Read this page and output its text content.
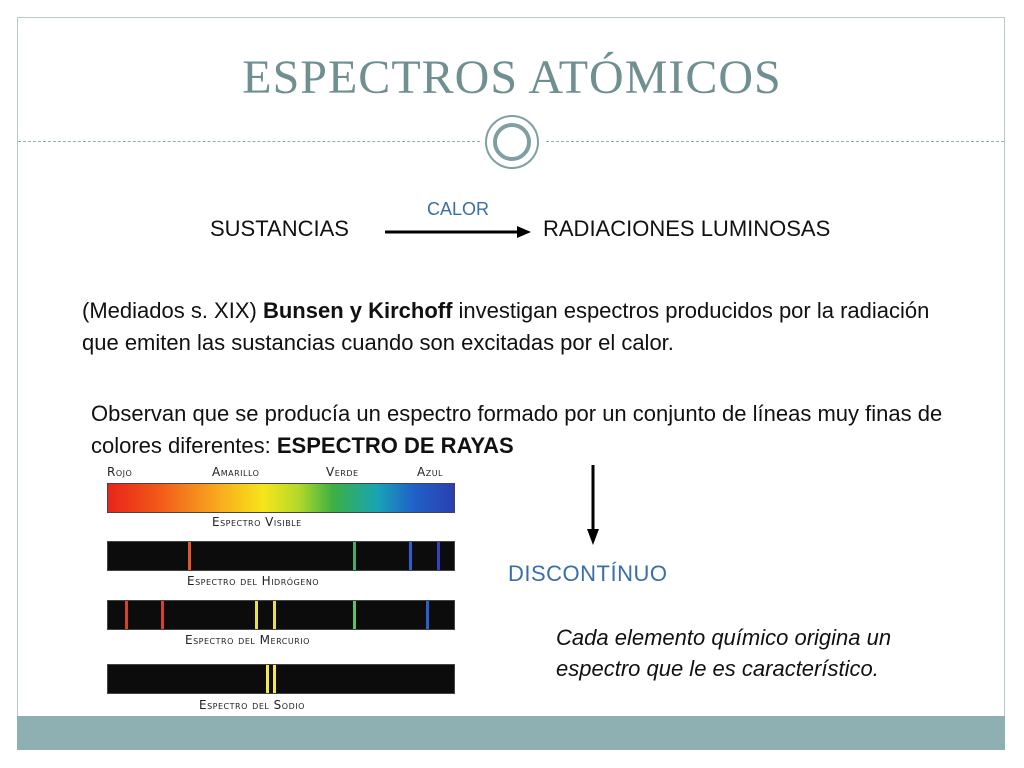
ESPECTROS ATÓMICOS
CALOR
SUSTANCIAS	RADIACIONES LUMINOSAS
(Mediados s. XIX) Bunsen y Kirchoff investigan espectros producidos por la radiación que emiten las sustancias cuando son excitadas por el calor.
Observan que se producía un espectro formado por un conjunto de líneas muy finas de colores diferentes: ESPECTRO DE RAYAS
DISCONTÍNUO
Cada elemento químico origina un espectro que le es característico.
Rojo	Amarillo	Verde	Azul
Espectro Visible
Espectro del Hidrógeno
Espectro del Mercurio
Espectro del Sodio
